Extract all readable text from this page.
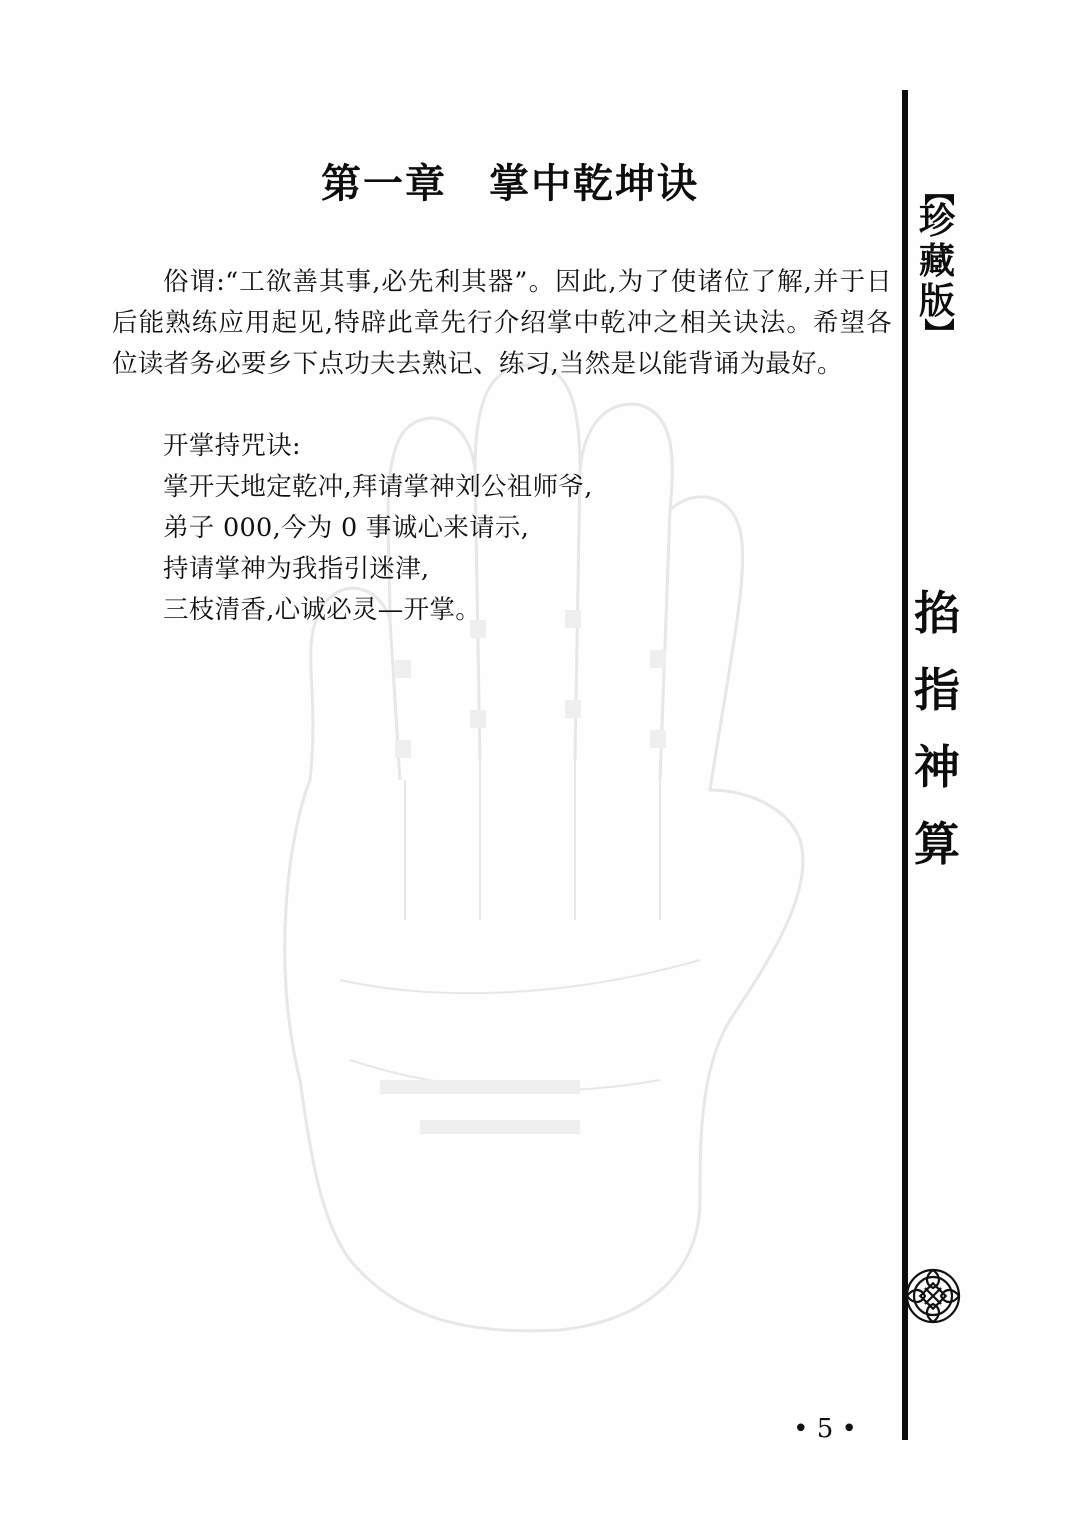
第一章　掌中乾坤诀

俗谓:“工欲善其事,必先利其器”。因此,为了使诸位了解,并于日后能熟练应用起见,特辟此章先行介绍掌中乾冲之相关诀法。希望各位读者务必要乡下点功夫去熟记、练习,当然是以能背诵为最好。

开掌持咒诀:
掌开天地定乾冲,拜请掌神刘公祖师爷,
弟子 000,今为 0 事诚心来请示,
持请掌神为我指引迷津,
三枝清香,心诚必灵—开掌。
【
珍
藏
版
】
掐
指
神
算
• 5 •
